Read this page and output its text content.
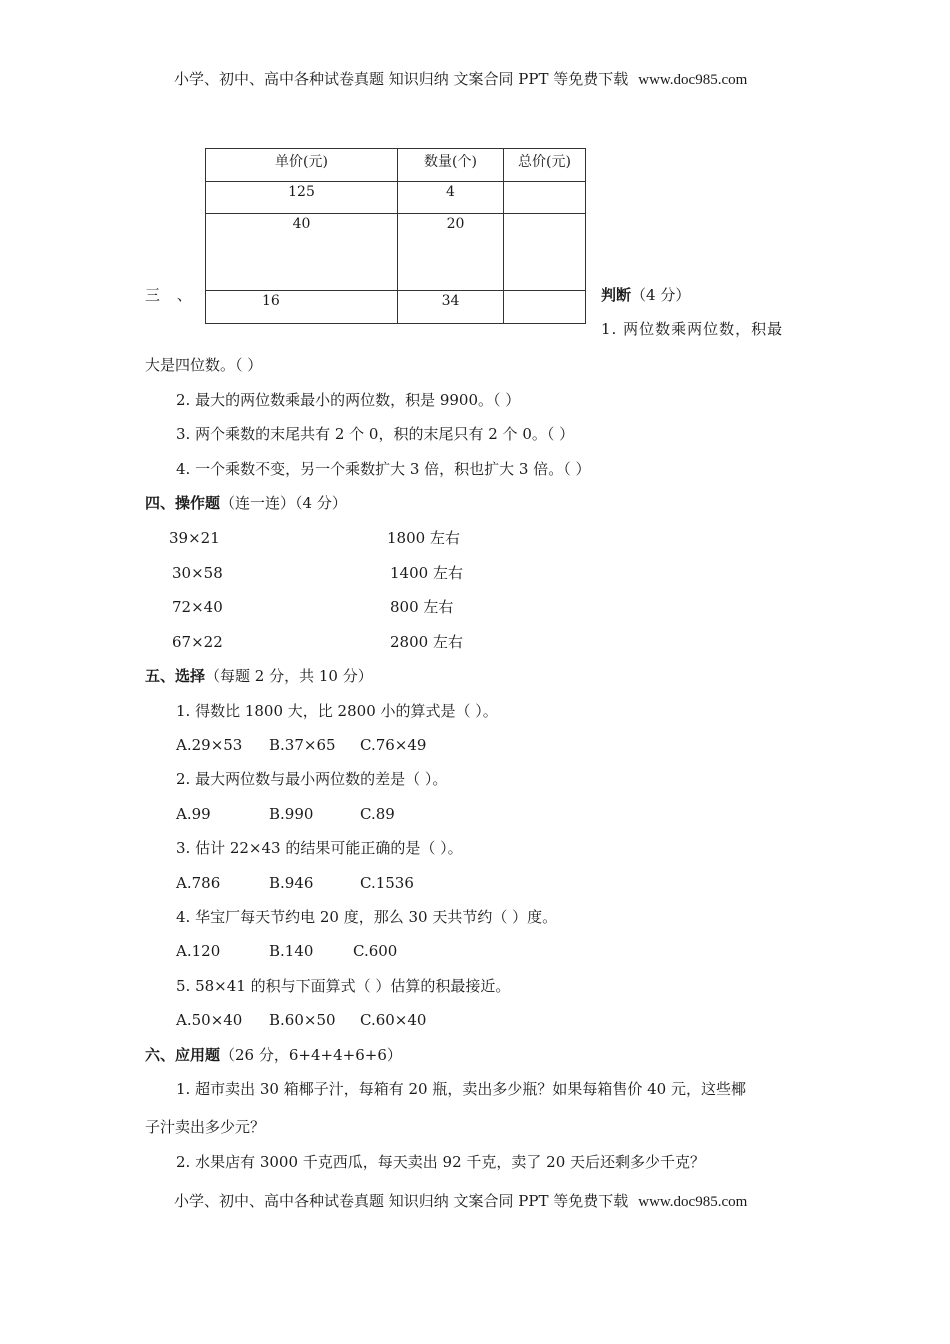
小学、初中、高中各种试卷真题 知识归纳 文案合同 PPT 等免费下载 www.doc985.com
单价(元)	数量(个)	总价(元)

125	4	

40	20	

16	34	

三 、	判断（4 分）
1. 两位数乘两位数，积最
大是四位数。（ ）
2. 最大的两位数乘最小的两位数，积是 9900。（ ）
3. 两个乘数的末尾共有 2 个 0，积的末尾只有 2 个 0。（ ）
4. 一个乘数不变，另一个乘数扩大 3 倍，积也扩大 3 倍。（ ）
四、操作题（连一连）（4 分）
39×21
30×58
72×40
67×22
1800 左右
1400 左右
800 左右
2800 左右
五、选择（每题 2 分，共 10 分）
1. 得数比 1800 大，比 2800 小的算式是（ ）。
A.29×53 B.37×65 C.76×49
2. 最大两位数与最小两位数的差是（ ）。
A.99	B.990	C.89
3. 估计 22×43 的结果可能正确的是（ ）。
A.786	B.946	C.1536
4. 华宝厂每天节约电 20 度，那么 30 天共节约（ ）度。
A.120	B.140	C.600
5. 58×41 的积与下面算式（ ）估算的积最接近。
A.50×40 B.60×50 C.60×40
六、应用题（26 分，6+4+4+6+6）
1. 超市卖出 30 箱椰子汁，每箱有 20 瓶，卖出多少瓶？如果每箱售价 40 元，这些椰
子汁卖出多少元？
2. 水果店有 3000 千克西瓜，每天卖出 92 千克，卖了 20 天后还剩多少千克？
小学、初中、高中各种试卷真题 知识归纳 文案合同 PPT 等免费下载 www.doc985.com
